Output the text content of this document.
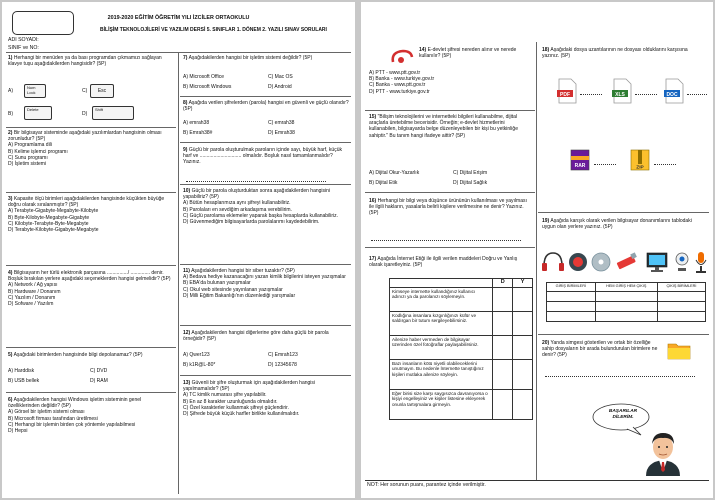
2019-2020 EĞİTİM ÖĞRETİM YILI İZCİLER ORTAOKULU
BİLİŞİM TEKNOLOJİLERİ VE YAZILIM DERSİ 5. SINIFLAR 1. DÖNEM 2. YAZILI SINAV SORULARI
ADI SOYADI:
SINIF ve NO:
1) Herhangi bir menüden ya da bası programdan çıkmamızı sağlayan klavye tuşu aşağıdakilerden hangisidir? (5P)
A)
Num Lock	C)	Esc
B)
Delete
D)
Shift
2) Bir bilgisayar sisteminde aşağıdaki yazılımlardan hangisinin olması zorunludur? (5P)
A) Programlama dili
B) Kelime işlemci programı
C) Sunu programı
D) İşletim sistemi
3) Kapasite ölçü birimleri aşağıdakilerden hangisinde küçükten büyüğe doğru olarak sıralanmıştır? (5P)
A) Terabyte-Gigabyte-Megabyte-Kilobyte
B) Byte-Kilobyte-Megabyte-Gigabyte
C) Kilobyte-Terabyte-Byte-Megabyte
D) Terabyte-Kilobyte-Gigabyte-Megabyte
4) Bilgisayarın her türlü elektronik parçasına .............../ .............. denir. Boşluk bırakılan yerlere aşağıdaki seçeneklerden hangisi gelmelidir? (5P)
A) Network / Ağ yapısı
B) Hardware / Donanım
C) Yazılım / Donanım
D) Sofware / Yazılım
5) Aşağıdaki birimlerden hangisinde bilgi depolanamaz? (5P)
A) Harddisk
B) USB bellek
C) DVD
D) RAM
6) Aşağıdakilerden hangisi Windows işletim sisteminin genel özelliklerinden değildir? (5P)
A) Görsel bir işletim sistemi olması
B) Microsoft firması tarafından üretilmesi
C) Herhangi bir işlemin birden çok yöntemle yapılabilmesi
D) Hepsi
7) Aşağıdakilerden hangisi bir işletim sistemi değildir? (5P)
A) Microsoft Office
B) Microsoft Windows
C) Mac OS
D) Android
8) Aşağıda verilen şifrelerden (parola) hangisi en güvenli ve güçlü olanıdır? (5P)
A) emrah38
B) Emrah38#
C) emrah38
D) Emrah38
9) Güçlü bir parola oluşturulmak paroların içinde sayı, büyük harf, küçük harf ve .............................. olmalıdır. Boşluk nasıl tamamlanmalıdır? Yazınız.
10) Güçlü bir parola oluşturduktan sonra aşağıdakilerden hangisini yapabiliriz? (5P)
A) Bütün hesaplarımıza aynı şifreyi kullanabiliriz.
B) Parolaları en sevdiğim arkadaşıma verebilirim.
C) Güçlü parolama eklemeler yaparak başka hesaplarda kullanabiliriz.
D) Güvenmediğim bilgisayarlarda parolalarımı kaydedebilirim.
11) Aşağıdakilerden hangisi bir siber tuzaktır? (5P)
A) Bedava hediye kazanacağını yazan kimlik bilgilerini isteyen yazışmalar
B) EBA'da bulunan yazışmalar
C) Okul web sitesinde yayınlanan yazışmalar
D) Milli Eğitim Bakanlığı'nın düzenlediği yarışmalar
12) Aşağıdakilerden hangisi diğerlerine göre daha güçlü bir parola örneğidir? (5P)
A) Qwer123
B) k1R@L-80*
C) Emrah123
D) 12345678
13) Güvenli bir şifre oluşturmak için aşağıdakilerden hangisi yapılmamalıdır? (5P)
A) TC kimlik numarası şifre yapılabilir.
B) En az 8 karakter uzunluğunda olmalıdır.
C) Özel karakterler kullanmak şifreyi güçlendirir.
D) Şifrede büyük küçük harfler birlikte kullanılmalıdır.
14) E-devlet şifresi nereden alınır ve nerede kullanılır? (5P)
A) PTT - www.ptt.gov.tr
B) Banka - www.turkiye.gov.tr
C) Banka - www.ptt.gov.tr
D) PTT - www.turkiye.gov.tr
15) "Bilişim teknolojilerini ve internetteki bilgileri kullanabilme, dijital araçlarla üretebilme becerisidir. Örneğin; e-devlet hizmetlerini kullanabilen, bilgisayarda belge düzenleyebilen bir kişi bu yetkinliğe sahiptir." Bu tanım hangi ifadeye aittir? (5P)
A) Dijital Okur-Yazarlık
B) Dijital Etik
C) Dijital Erişim
D) Dijital Sağlık
16) Herhangi bir bilgi veya düşünce ürününün kullanılması ve yayılması ile ilgili hakların, yasalarla belirli kişilere verilmesine ne denir? Yazınız. (5P)
17) Aşağıda İnternet Etiği ile ilgili verilen maddeleri Doğru ve Yanlış olarak işaretleyiniz. (5P)
	D	Y
Kimseye internette kullandığınız kullanıcı adınızı ya da parolanızı söylemeyin.		
Kodlığına insanlara kızgınlığınızı küfür ve saldırgan bir tutum sergileyebilirsiniz.		
Ailenize haber vermeden de bilgisayar üzerinden özel fotoğraflar paylaşabilirsiniz.		
Bazı insanların kötü niyetli olabileceklerini unutmayın. Bu nedenle İnternette tanıştığınız kişileri mutlaka ailenize söyleyin.		
Eğer birisi size karşı saygısızca davranıyorsa o kişiyi engelleyiniz ve kişiler listesine ekleyerek onunla tartışmalara girmeyin.		
18) Aşağıdaki dosya uzantılarının ne dosyası olduklarını karşısına yazınız. (5P)
PDF	XLS	DOC
RAR	ZIP
19) Aşağıda karışık olarak verilen bilgisayar donanımlarını tablodaki uygun olan yerlere yazınız. (5P)
GİRİŞ BİRİMLERİ	HEM GİRİŞ HEM ÇIKIŞ	ÇIKIŞ BİRİMLERİ

20) Yanda simgesi gösterilen ve ortak bir özelliğe sahip dosyaların bir arada bulundurulan birimlere ne denir? (5P)
BAŞARILAR DİLERİM.
NOT: Her sorunun puanı, parantez içinde verilmiştir.
